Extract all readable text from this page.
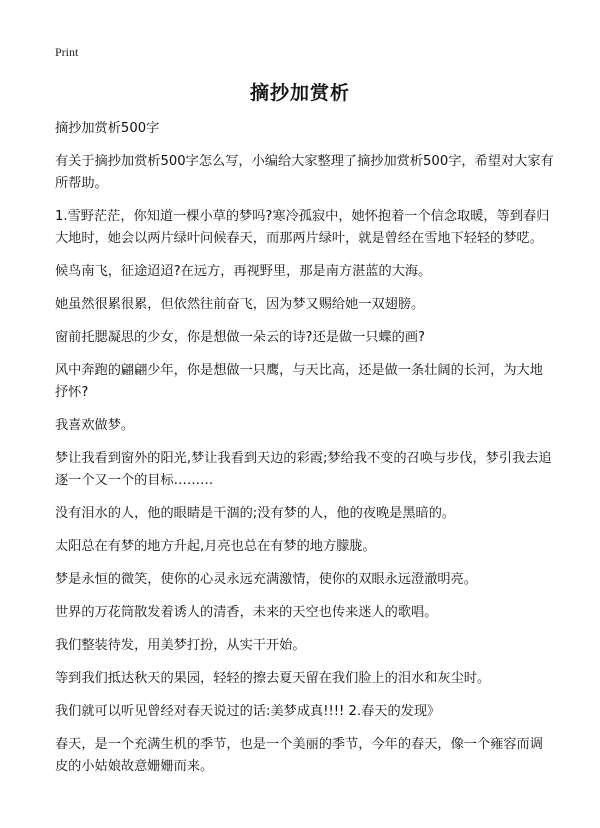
Print
摘抄加赏析

摘抄加赏析500字

有关于摘抄加赏析500字怎么写，小编给大家整理了摘抄加赏析500字，希望对大家有所帮助。

1.雪野茫茫，你知道一棵小草的梦吗?寒冷孤寂中，她怀抱着一个信念取暖，等到春归大地时，她会以两片绿叶问候春天，而那两片绿叶，就是曾经在雪地下轻轻的梦呓。

候鸟南飞，征途迢迢?在远方，再视野里，那是南方湛蓝的大海。

她虽然很累很累，但依然往前奋飞，因为梦又赐给她一双翅膀。

窗前托腮凝思的少女，你是想做一朵云的诗?还是做一只蝶的画?

风中奔跑的翩翩少年，你是想做一只鹰，与天比高，还是做一条壮阔的长河，为大地抒怀?

我喜欢做梦。

梦让我看到窗外的阳光,梦让我看到天边的彩霞;梦给我不变的召唤与步伐，梦引我去追逐一个又一个的目标………

没有泪水的人，他的眼睛是干涸的;没有梦的人，他的夜晚是黑暗的。

太阳总在有梦的地方升起,月亮也总在有梦的地方朦胧。

梦是永恒的微笑，使你的心灵永远充满激情，使你的双眼永远澄澈明亮。

世界的万花筒散发着诱人的清香，未来的天空也传来迷人的歌唱。

我们整装待发，用美梦打扮，从实干开始。

等到我们抵达秋天的果园，轻轻的擦去夏天留在我们脸上的泪水和灰尘时。

我们就可以听见曾经对春天说过的话:美梦成真!!!! 2.春天的发现》

春天，是一个充满生机的季节，也是一个美丽的季节，今年的春天，像一个雍容而调皮的小姑娘故意姗姗而来。
